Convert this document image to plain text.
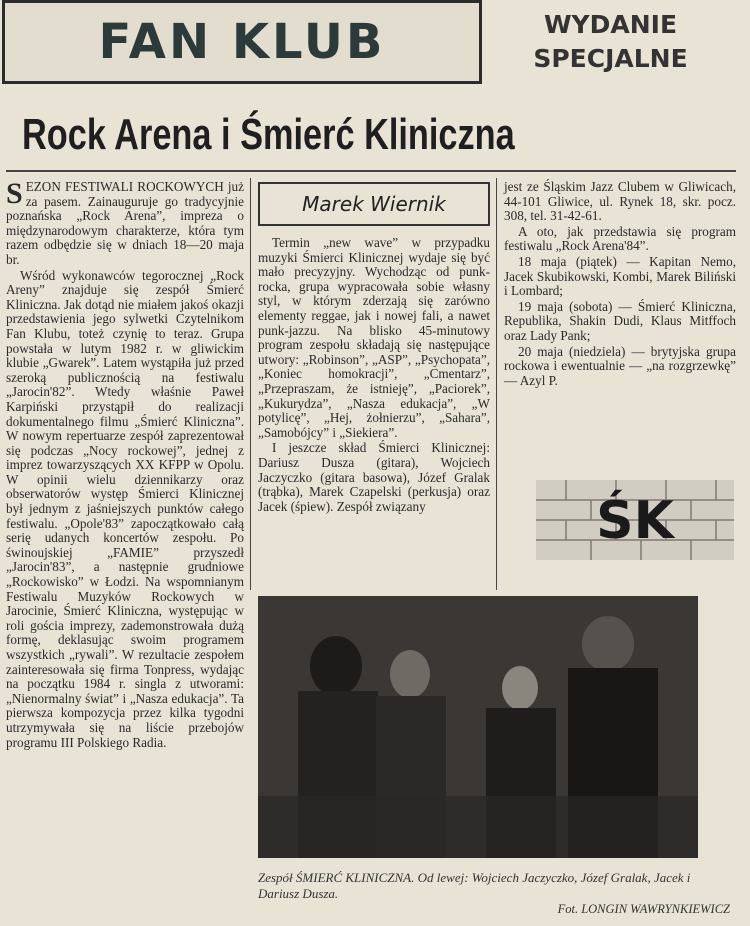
FAN KLUB	WYDANIE
SPECJALNE
Rock Arena i Śmierć Kliniczna

SEZON FESTIWALI ROCKOWYCH już za pasem. Zainauguruje go tradycyjnie poznańska „Rock Arena”, impreza o międzynarodowym charakterze, która tym razem odbędzie się w dniach 18—20 maja br.

Wśród wykonawców tegorocznej „Rock Areny” znajduje się zespół Śmierć Kliniczna. Jak dotąd nie miałem jakoś okazji przedstawienia jego sylwetki Czytelnikom Fan Klubu, toteż czynię to teraz. Grupa powstała w lutym 1982 r. w gliwickim klubie „Gwarek”. Latem wystąpiła już przed szeroką publicznością na festiwalu „Jarocin'82”. Wtedy właśnie Paweł Karpiński przystąpił do realizacji dokumentalnego filmu „Śmierć Kliniczna”. W nowym repertuarze zespół zaprezentował się podczas „Nocy rockowej”, jednej z imprez towarzyszących XX KFPP w Opolu. W opinii wielu dziennikarzy oraz obserwatorów występ Śmierci Klinicznej był jednym z jaśniejszych punktów całego festiwalu. „Opole'83” zapoczątkowało całą serię udanych koncertów zespołu. Po świnoujskiej „FAMIE” przyszedł „Jarocin'83”, a następnie grudniowe „Rockowisko” w Łodzi. Na wspomnianym Festiwalu Muzyków Rockowych w Jarocinie, Śmierć Kliniczna, występując w roli gościa imprezy, zademonstrowała dużą formę, deklasując swoim programem wszystkich „rywali”. W rezultacie zespołem zainteresowała się firma Tonpress, wydając na początku 1984 r. singla z utworami: „Nienormalny świat” i „Nasza edukacja”. Ta pierwsza kompozycja przez kilka tygodni utrzymywała się na liście przebojów programu III Polskiego Radia.

Marek Wiernik

Termin „new wave” w przypadku muzyki Śmierci Klinicznej wydaje się być mało precyzyjny. Wychodząc od punk-rocka, grupa wypracowała sobie własny styl, w którym zderzają się zarówno elementy reggae, jak i nowej fali, a nawet punk-jazzu. Na blisko 45-minutowy program zespołu składają się następujące utwory: „Robinson”, „ASP”, „Psychopata”, „Koniec homokracji”, „Cmentarz”, „Przepraszam, że istnieję”, „Paciorek”, „Kukurydza”, „Nasza edukacja”, „W potylicę”, „Hej, żołnierzu”, „Sahara”, „Samobójcy” i „Siekiera”.

I jeszcze skład Śmierci Klinicznej: Dariusz Dusza (gitara), Wojciech Jaczyczko (gitara basowa), Józef Gralak (trąbka), Marek Czapelski (perkusja) oraz Jacek (śpiew). Zespół związany

jest ze Śląskim Jazz Clubem w Gliwicach, 44-101 Gliwice, ul. Rynek 18, skr. pocz. 308, tel. 31-42-61.

A oto, jak przedstawia się program festiwalu „Rock Arena'84”.

18 maja (piątek) — Kapitan Nemo, Jacek Skubikowski, Kombi, Marek Biliński i Lombard;

19 maja (sobota) — Śmierć Kliniczna, Republika, Shakin Dudi, Klaus Mitffoch oraz Lady Pank;

20 maja (niedziela) — brytyjska grupa rockowa i ewentualnie — „na rozgrzewkę” — Azyl P.

ŚK
Zespół ŚMIERĆ KLINICZNA. Od lewej: Wojciech Jaczyczko, Józef Gralak, Jacek i Dariusz Dusza.
Fot. LONGIN WAWRYNKIEWICZ
